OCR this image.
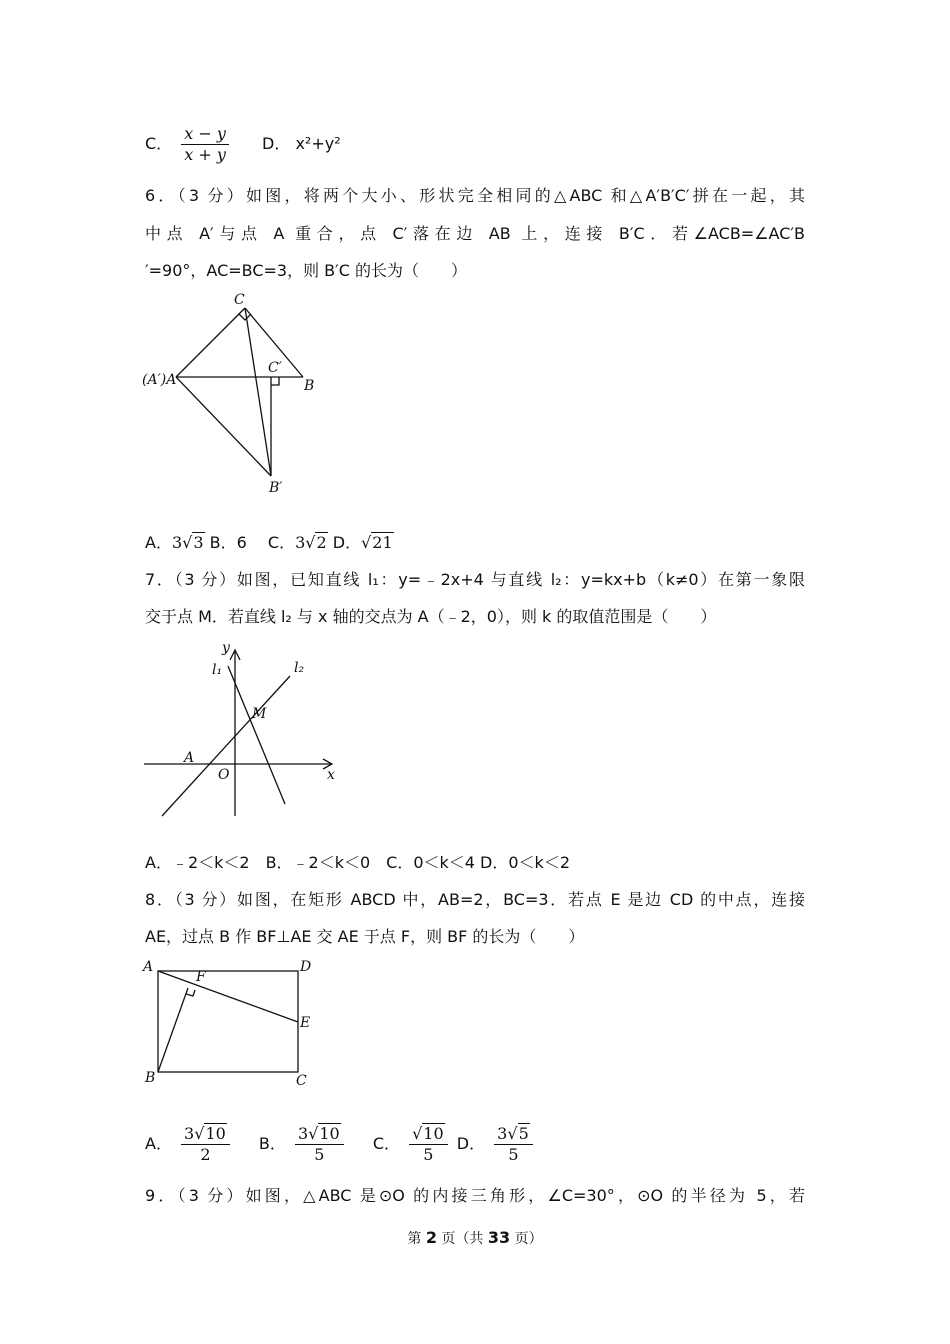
C． $\frac{x - y}{x + y}$ D． x²+y²
6．（3 分）如图，将两个大小、形状完全相同的△ABC 和△A′B′C′拼在一起，其
中点 A′与点 A 重合，点 C′落在边 AB 上，连接 B′C．若∠ACB=∠AC′B
′=90°，AC=BC=3，则 B′C 的长为（　　）
C
(A′)A
C′
B
B′
A．3√3 B．6 C．3√2 D．√21
7．（3 分）如图，已知直线 l₁：y=﹣2x+4 与直线 l₂：y=kx+b（k≠0）在第一象限
交于点 M．若直线 l₂ 与 x 轴的交点为 A（﹣2，0），则 k 的取值范围是（　　）
y
l₁	l₂
M
A
O	x
A．﹣2＜k＜2　B．﹣2＜k＜0　C．0＜k＜4 D．0＜k＜2
8．（3 分）如图，在矩形 ABCD 中，AB=2，BC=3．若点 E 是边 CD 的中点，连接
AE，过点 B 作 BF⊥AE 交 AE 于点 F，则 BF 的长为（　　）
A	D
F
E
B	C
A． $\frac{3√10}{2}$ B． $\frac{3√10}{5}$ C． $\frac{√10}{5}$ D． $\frac{3√5}{5}$
9．（3 分）如图，△ABC 是⊙O 的内接三角形，∠C=30°，⊙O 的半径为 5，若
第 2 页（共 33 页）
